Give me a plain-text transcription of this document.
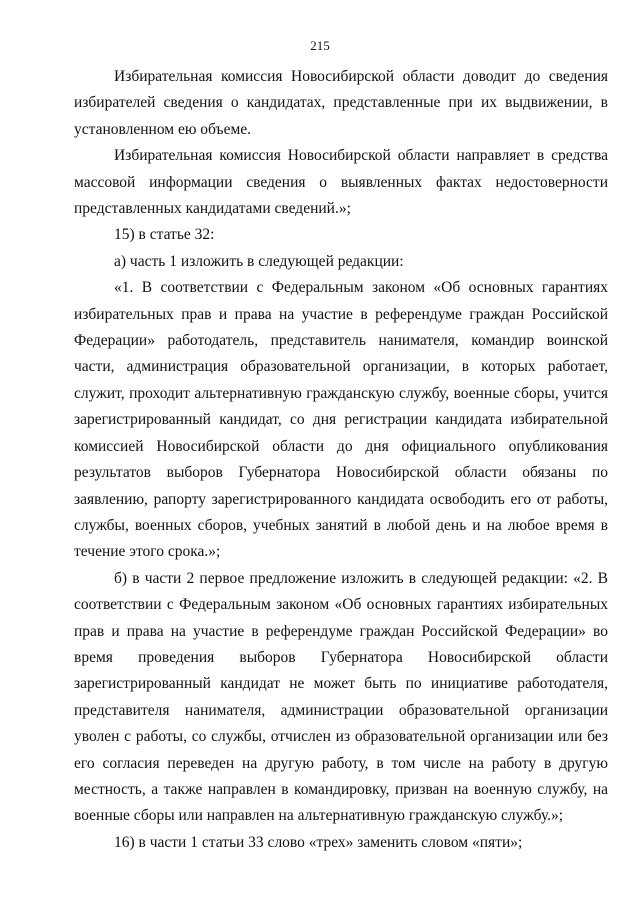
215

Избирательная комиссия Новосибирской области доводит до сведения избирателей сведения о кандидатах, представленные при их выдвижении, в установленном ею объеме.

Избирательная комиссия Новосибирской области направляет в средства массовой информации сведения о выявленных фактах недостоверности представленных кандидатами сведений.»;

15) в статье 32:

а) часть 1 изложить в следующей редакции:

«1. В соответствии с Федеральным законом «Об основных гарантиях избирательных прав и права на участие в референдуме граждан Российской Федерации» работодатель, представитель нанимателя, командир воинской части, администрация образовательной организации, в которых работает, служит, проходит альтернативную гражданскую службу, военные сборы, учится зарегистрированный кандидат, со дня регистрации кандидата избирательной комиссией Новосибирской области до дня официального опубликования результатов выборов Губернатора Новосибирской области обязаны по заявлению, рапорту зарегистрированного кандидата освободить его от работы, службы, военных сборов, учебных занятий в любой день и на любое время в течение этого срока.»;

б) в части 2 первое предложение изложить в следующей редакции: «2. В соответствии с Федеральным законом «Об основных гарантиях избирательных прав и права на участие в референдуме граждан Российской Федерации» во время проведения выборов Губернатора Новосибирской области зарегистрированный кандидат не может быть по инициативе работодателя, представителя нанимателя, администрации образовательной организации уволен с работы, со службы, отчислен из образовательной организации или без его согласия переведен на другую работу, в том числе на работу в другую местность, а также направлен в командировку, призван на военную службу, на военные сборы или направлен на альтернативную гражданскую службу.»;

16) в части 1 статьи 33 слово «трех» заменить словом «пяти»;
